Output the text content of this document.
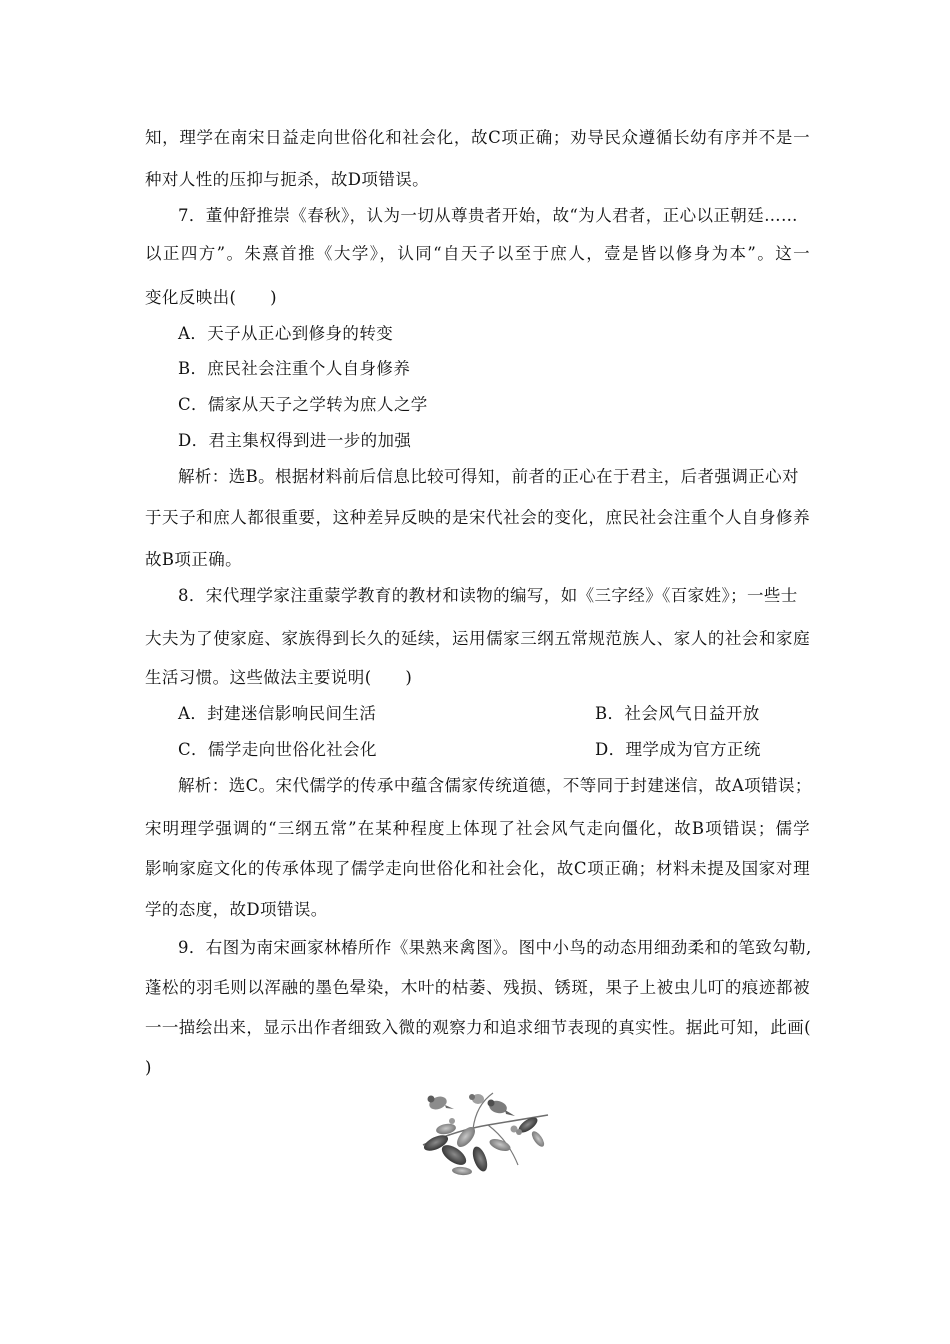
知，理学在南宋日益走向世俗化和社会化，故C项正确；劝导民众遵循长幼有序并不是一
种对人性的压抑与扼杀，故D项错误。
7．董仲舒推崇《春秋》，认为一切从尊贵者开始，故“为人君者，正心以正朝廷……
以正四方”。朱熹首推《大学》，认同“自天子以至于庶人，壹是皆以修身为本”。这一
变化反映出(　　)
A．天子从正心到修身的转变
B．庶民社会注重个人自身修养
C．儒家从天子之学转为庶人之学
D．君主集权得到进一步的加强
解析：选B。根据材料前后信息比较可得知，前者的正心在于君主，后者强调正心对
于天子和庶人都很重要，这种差异反映的是宋代社会的变化，庶民社会注重个人自身修养
故B项正确。
8．宋代理学家注重蒙学教育的教材和读物的编写，如《三字经》《百家姓》；一些士
大夫为了使家庭、家族得到长久的延续，运用儒家三纲五常规范族人、家人的社会和家庭
生活习惯。这些做法主要说明(　　)
A．封建迷信影响民间生活	B．社会风气日益开放
C．儒学走向世俗化社会化	D．理学成为官方正统
解析：选C。宋代儒学的传承中蕴含儒家传统道德，不等同于封建迷信，故A项错误；
宋明理学强调的“三纲五常”在某种程度上体现了社会风气走向僵化，故B项错误；儒学
影响家庭文化的传承体现了儒学走向世俗化和社会化，故C项正确；材料未提及国家对理
学的态度，故D项错误。
9．右图为南宋画家林椿所作《果熟来禽图》。图中小鸟的动态用细劲柔和的笔致勾勒,
蓬松的羽毛则以浑融的墨色晕染，木叶的枯萎、残损、锈斑，果子上被虫儿叮的痕迹都被
一一描绘出来，显示出作者细致入微的观察力和追求细节表现的真实性。据此可知，此画(
)
